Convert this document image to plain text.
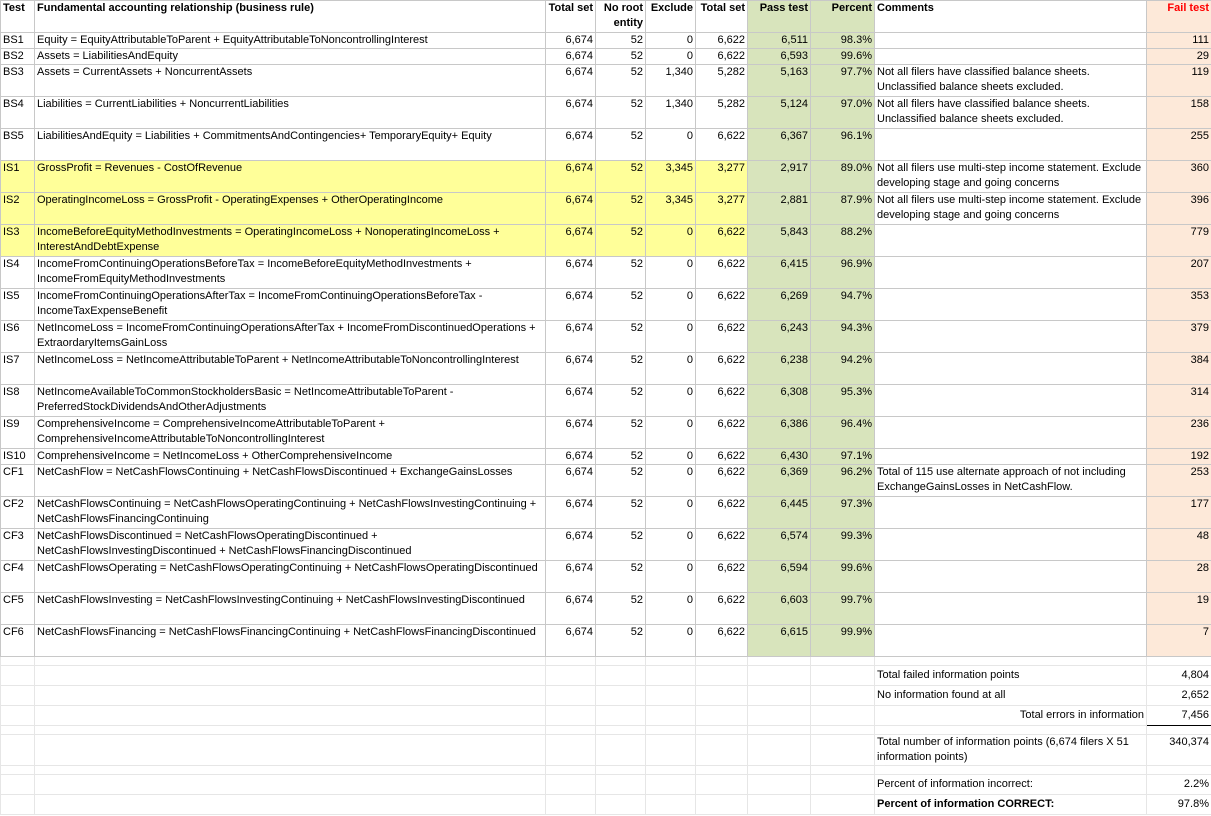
Test	Fundamental accounting relationship (business rule)	Total set	No root entity	Exclude	Total set	Pass test	Percent	Comments	Fail test
BS1	Equity = EquityAttributableToParent + EquityAttributableToNoncontrollingInterest	6,674	52	0	6,622	6,511	98.3%		111
BS2	Assets = LiabilitiesAndEquity	6,674	52	0	6,622	6,593	99.6%		29
BS3	Assets = CurrentAssets + NoncurrentAssets	6,674	52	1,340	5,282	5,163	97.7%	Not all filers have classified balance sheets. Unclassified balance sheets excluded.	119
BS4	Liabilities = CurrentLiabilities + NoncurrentLiabilities	6,674	52	1,340	5,282	5,124	97.0%	Not all filers have classified balance sheets. Unclassified balance sheets excluded.	158
BS5	LiabilitiesAndEquity = Liabilities + CommitmentsAndContingencies+ TemporaryEquity+ Equity	6,674	52	0	6,622	6,367	96.1%		255
IS1	GrossProfit = Revenues - CostOfRevenue	6,674	52	3,345	3,277	2,917	89.0%	Not all filers use multi-step income statement. Exclude developing stage and going concerns	360
IS2	OperatingIncomeLoss = GrossProfit - OperatingExpenses + OtherOperatingIncome	6,674	52	3,345	3,277	2,881	87.9%	Not all filers use multi-step income statement. Exclude developing stage and going concerns	396
IS3	IncomeBeforeEquityMethodInvestments = OperatingIncomeLoss + NonoperatingIncomeLoss + InterestAndDebtExpense	6,674	52	0	6,622	5,843	88.2%		779
IS4	IncomeFromContinuingOperationsBeforeTax = IncomeBeforeEquityMethodInvestments + IncomeFromEquityMethodInvestments	6,674	52	0	6,622	6,415	96.9%		207
IS5	IncomeFromContinuingOperationsAfterTax = IncomeFromContinuingOperationsBeforeTax - IncomeTaxExpenseBenefit	6,674	52	0	6,622	6,269	94.7%		353
IS6	NetIncomeLoss = IncomeFromContinuingOperationsAfterTax + IncomeFromDiscontinuedOperations + ExtraordaryItemsGainLoss	6,674	52	0	6,622	6,243	94.3%		379
IS7	NetIncomeLoss = NetIncomeAttributableToParent + NetIncomeAttributableToNoncontrollingInterest	6,674	52	0	6,622	6,238	94.2%		384
IS8	NetIncomeAvailableToCommonStockholdersBasic = NetIncomeAttributableToParent - PreferredStockDividendsAndOtherAdjustments	6,674	52	0	6,622	6,308	95.3%		314
IS9	ComprehensiveIncome = ComprehensiveIncomeAttributableToParent + ComprehensiveIncomeAttributableToNoncontrollingInterest	6,674	52	0	6,622	6,386	96.4%		236
IS10	ComprehensiveIncome = NetIncomeLoss + OtherComprehensiveIncome	6,674	52	0	6,622	6,430	97.1%		192
CF1	NetCashFlow = NetCashFlowsContinuing + NetCashFlowsDiscontinued + ExchangeGainsLosses	6,674	52	0	6,622	6,369	96.2%	Total of 115 use alternate approach of not including ExchangeGainsLosses in NetCashFlow.	253
CF2	NetCashFlowsContinuing = NetCashFlowsOperatingContinuing + NetCashFlowsInvestingContinuing + NetCashFlowsFinancingContinuing	6,674	52	0	6,622	6,445	97.3%		177
CF3	NetCashFlowsDiscontinued = NetCashFlowsOperatingDiscontinued + NetCashFlowsInvestingDiscontinued + NetCashFlowsFinancingDiscontinued	6,674	52	0	6,622	6,574	99.3%		48
CF4	NetCashFlowsOperating = NetCashFlowsOperatingContinuing + NetCashFlowsOperatingDiscontinued	6,674	52	0	6,622	6,594	99.6%		28
CF5	NetCashFlowsInvesting = NetCashFlowsInvestingContinuing + NetCashFlowsInvestingDiscontinued	6,674	52	0	6,622	6,603	99.7%		19
CF6	NetCashFlowsFinancing = NetCashFlowsFinancingContinuing + NetCashFlowsFinancingDiscontinued	6,674	52	0	6,622	6,615	99.9%		7

								Total failed information points	4,804
								No information found at all	2,652
								Total errors in information	7,456

								Total number of information points (6,674 filers X 51 information points)	340,374

								Percent of information incorrect:	2.2%
								Percent of information CORRECT:	97.8%
